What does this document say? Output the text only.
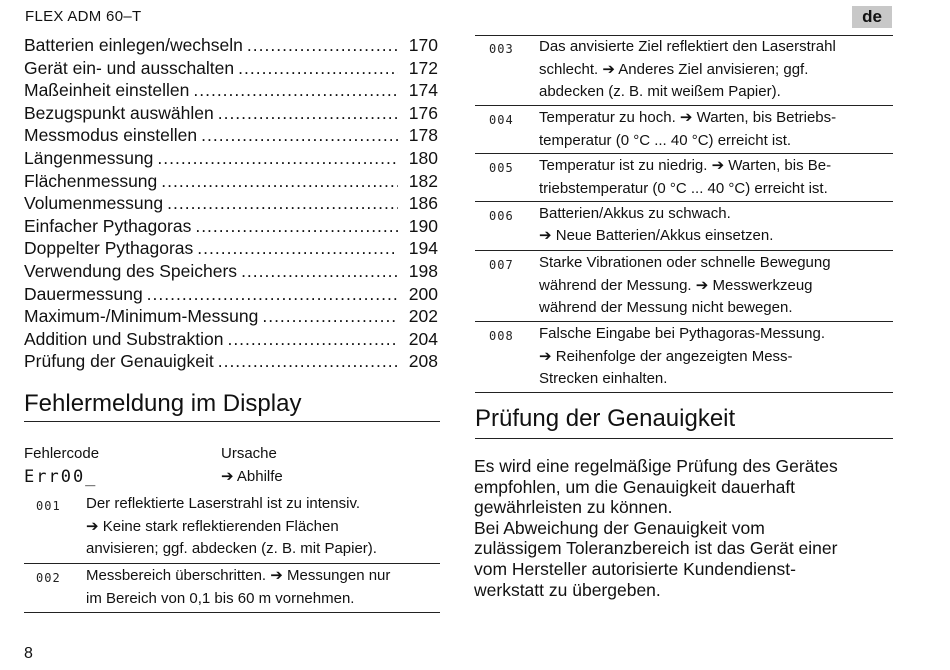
FLEX ADM 60–T	de
Batterien einlegen/wechseln .....	170
Gerät ein- und ausschalten .....	172
Maßeinheit einstellen .....	174
Bezugspunkt auswählen .....	176
Messmodus einstellen .....	178
Längenmessung .....	180
Flächenmessung .....	182
Volumenmessung .....	186
Einfacher Pythagoras .....	190
Doppelter Pythagoras .....	194
Verwendung des Speichers .....	198
Dauermessung .....	200
Maximum-/Minimum-Messung .....	202
Addition und Substraktion .....	204
Prüfung der Genauigkeit .....	208
Fehlermeldung im Display
Fehlercode	Ursache
Err00_	➔ Abhilfe
001	Der reflektierte Laserstrahl ist zu intensiv.
➔ Keine stark reflektierenden Flächen
anvisieren; ggf. abdecken (z. B. mit Papier).
002	Messbereich überschritten. ➔ Messungen nur
im Bereich von 0,1 bis 60 m vornehmen.
003	Das anvisierte Ziel reflektiert den Laserstrahl
schlecht. ➔ Anderes Ziel anvisieren; ggf.
abdecken (z. B. mit weißem Papier).
004	Temperatur zu hoch. ➔ Warten, bis Betriebs-
temperatur (0 °C ... 40 °C) erreicht ist.
005	Temperatur ist zu niedrig. ➔ Warten, bis Be-
triebstemperatur (0 °C ... 40 °C) erreicht ist.
006	Batterien/Akkus zu schwach.
➔ Neue Batterien/Akkus einsetzen.
007	Starke Vibrationen oder schnelle Bewegung
während der Messung. ➔ Messwerkzeug
während der Messung nicht bewegen.
008	Falsche Eingabe bei Pythagoras-Messung.
➔ Reihenfolge der angezeigten Mess-
Strecken einhalten.
Prüfung der Genauigkeit
Es wird eine regelmäßige Prüfung des Gerätes
empfohlen, um die Genauigkeit dauerhaft
gewährleisten zu können.
Bei Abweichung der Genauigkeit vom
zulässigem Toleranzbereich ist das Gerät einer
vom Hersteller autorisierte Kundendienst-
werkstatt zu übergeben.
8
